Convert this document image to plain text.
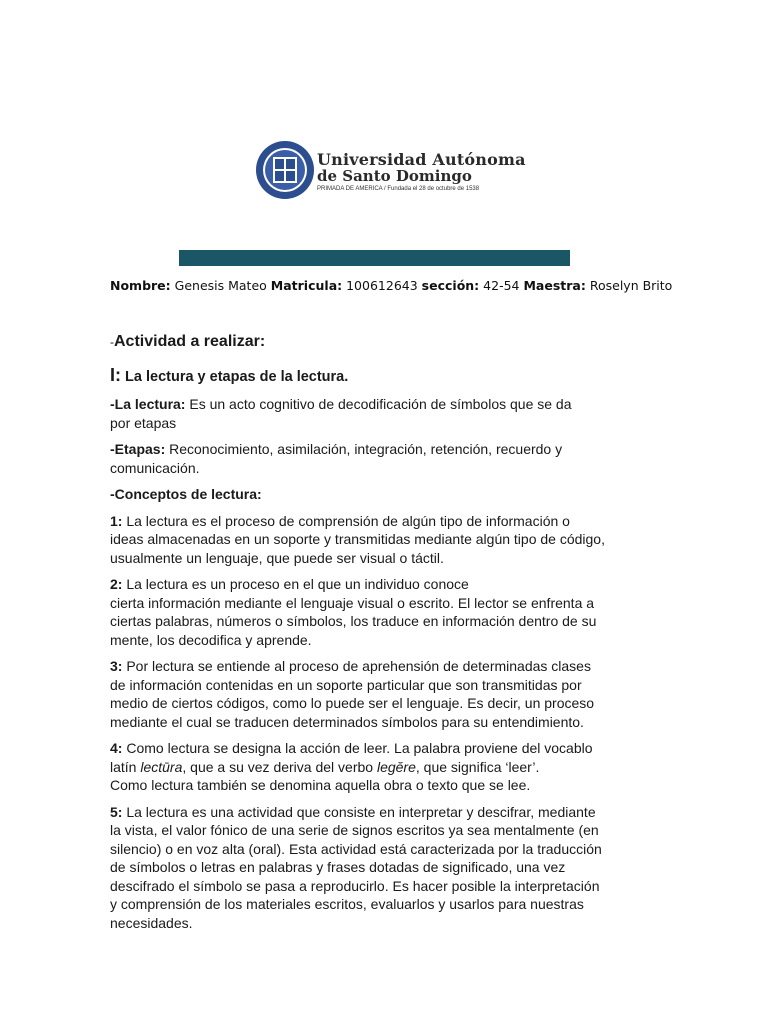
Universidad Autónoma
de Santo Domingo
PRIMADA DE AMERICA / Fundada el 28 de octubre de 1538
Nombre: Genesis Mateo Matricula: 100612643 sección: 42-54 Maestra: Roselyn Brito

-Actividad a realizar:

I: La lectura y etapas de la lectura.

-La lectura: Es un acto cognitivo de decodificación de símbolos que se da
por etapas

-Etapas: Reconocimiento, asimilación, integración, retención, recuerdo y
comunicación.

-Conceptos de lectura:

1: La lectura es el proceso de comprensión de algún tipo de información o
ideas almacenadas en un soporte y transmitidas mediante algún tipo de código,
usualmente un lenguaje, que puede ser visual o táctil.

2: La lectura es un proceso en el que un individuo conoce
cierta información mediante el lenguaje visual o escrito. El lector se enfrenta a
ciertas palabras, números o símbolos, los traduce en información dentro de su
mente, los decodifica y aprende.

3: Por lectura se entiende al proceso de aprehensión de determinadas clases
de información contenidas en un soporte particular que son transmitidas por
medio de ciertos códigos, como lo puede ser el lenguaje. Es decir, un proceso
mediante el cual se traducen determinados símbolos para su entendimiento.

4: Como lectura se designa la acción de leer. La palabra proviene del vocablo
latín lectūra, que a su vez deriva del verbo legĕre, que significa ‘leer’.
Como lectura también se denomina aquella obra o texto que se lee.

5: La lectura es una actividad que consiste en interpretar y descifrar, mediante
la vista, el valor fónico de una serie de signos escritos ya sea mentalmente (en
silencio) o en voz alta (oral). Esta actividad está caracterizada por la traducción
de símbolos o letras en palabras y frases dotadas de significado, una vez
descifrado el símbolo se pasa a reproducirlo. Es hacer posible la interpretación
y comprensión de los materiales escritos, evaluarlos y usarlos para nuestras
necesidades.
